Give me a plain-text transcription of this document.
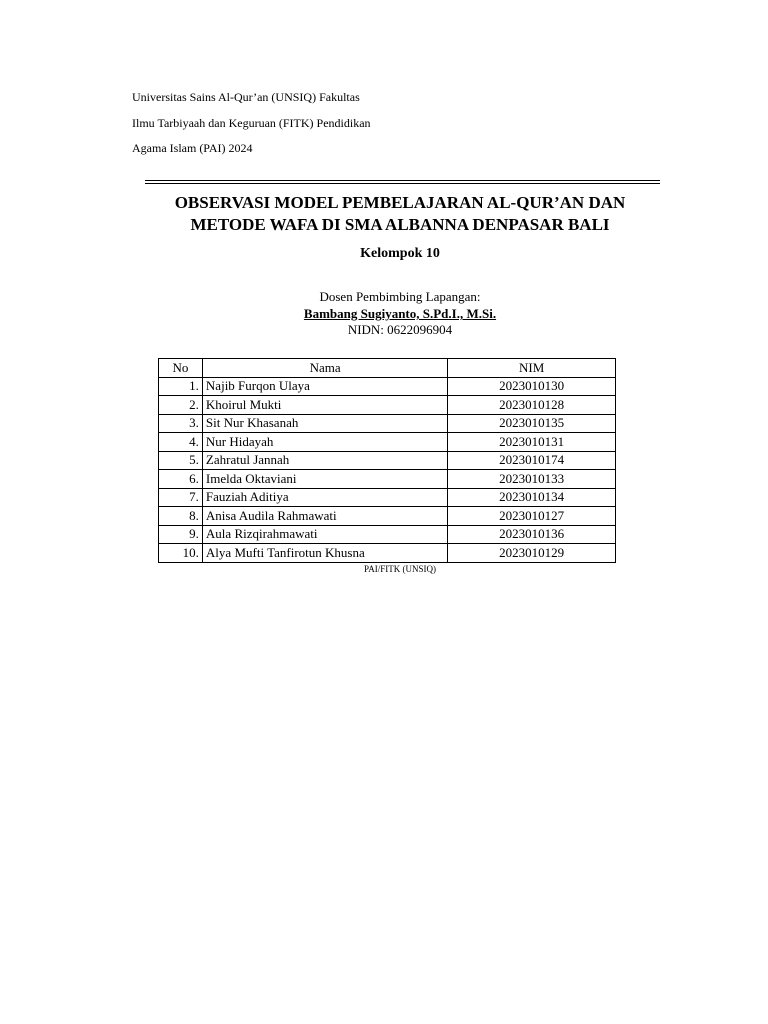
Universitas Sains Al-Qur’an (UNSIQ) Fakultas
Ilmu Tarbiyaah dan Keguruan (FITK) Pendidikan
Agama Islam (PAI) 2024
OBSERVASI MODEL PEMBELAJARAN AL-QUR’AN DAN
METODE WAFA DI SMA ALBANNA DENPASAR BALI
Kelompok 10
Dosen Pembimbing Lapangan:
Bambang Sugiyanto, S.Pd.I., M.Si.
NIDN: 0622096904
No	Nama	NIM
1.	Najib Furqon Ulaya	2023010130
2.	Khoirul Mukti	2023010128
3.	Sit Nur Khasanah	2023010135
4.	Nur Hidayah	2023010131
5.	Zahratul Jannah	2023010174
6.	Imelda Oktaviani	2023010133
7.	Fauziah Aditiya	2023010134
8.	Anisa Audila Rahmawati	2023010127
9.	Aula Rizqirahmawati	2023010136
10.	Alya Mufti Tanfirotun Khusna	2023010129
PAI/FITK (UNSIQ)
